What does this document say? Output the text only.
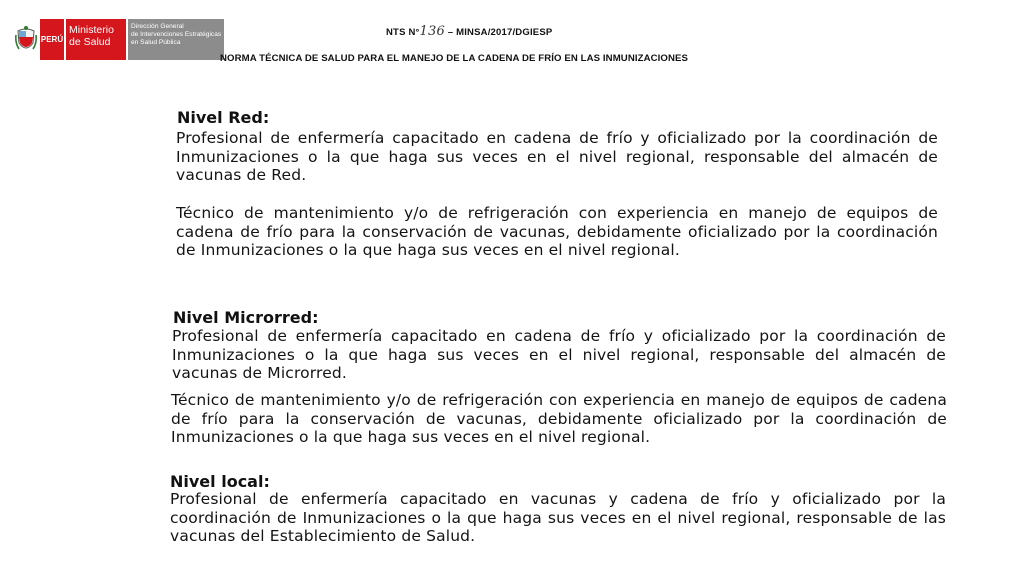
PERÚ
Ministerio
de Salud
Dirección General
de Intervenciones Estratégicas
en Salud Pública
NTS N°136 – MINSA/2017/DGIESP
NORMA TÉCNICA DE SALUD PARA EL MANEJO DE LA CADENA DE FRÍO EN LAS INMUNIZACIONES
Nivel Red:

Profesional de enfermería capacitado en cadena de frío y oficializado por la coordinación de Inmunizaciones o la que haga sus veces en el nivel regional, responsable del almacén de vacunas de Red.

Técnico de mantenimiento y/o de refrigeración con experiencia en manejo de equipos de cadena de frío para la conservación de vacunas, debidamente oficializado por la coordinación de Inmunizaciones o la que haga sus veces en el nivel regional.

Nivel Microrred:

Profesional de enfermería capacitado en cadena de frío y oficializado por la coordinación de Inmunizaciones o la que haga sus veces en el nivel regional, responsable del almacén de vacunas de Microrred.

Técnico de mantenimiento y/o de refrigeración con experiencia en manejo de equipos de cadena de frío para la conservación de vacunas, debidamente oficializado por la coordinación de Inmunizaciones o la que haga sus veces en el nivel regional.

Nivel local:

Profesional de enfermería capacitado en vacunas y cadena de frío y oficializado por la coordinación de Inmunizaciones o la que haga sus veces en el nivel regional, responsable de las vacunas del Establecimiento de Salud.
